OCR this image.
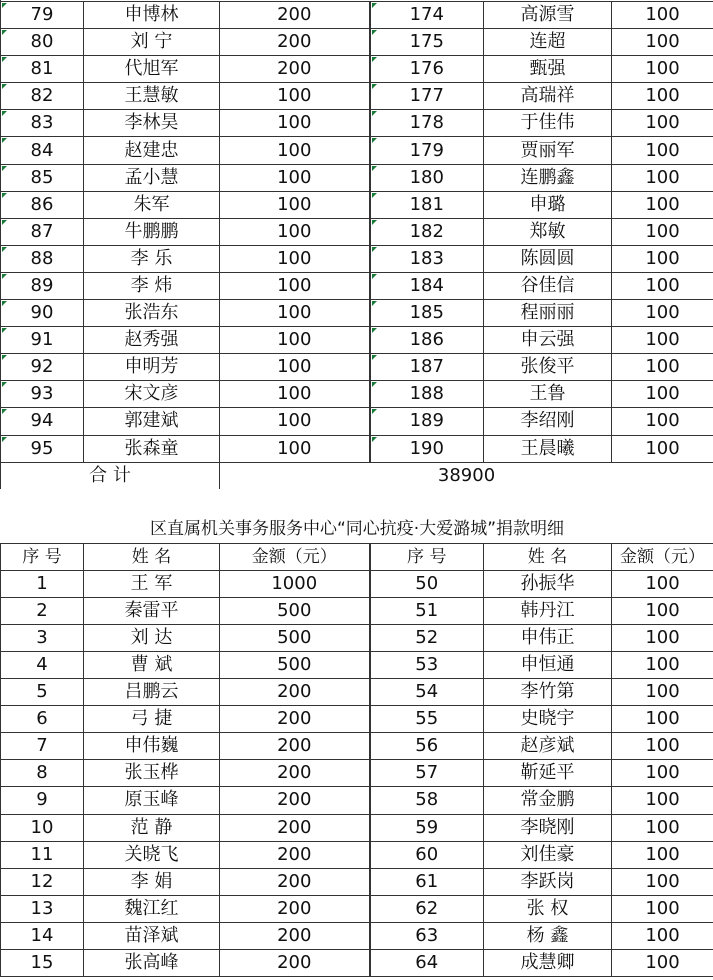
79	申博林	200	174	高源雪	100
80	刘 宁	200	175	连超	100
81	代旭军	200	176	甄强	100
82	王慧敏	100	177	高瑞祥	100
83	李林昊	100	178	于佳伟	100
84	赵建忠	100	179	贾丽军	100
85	孟小慧	100	180	连鹏鑫	100
86	朱军	100	181	申璐	100
87	牛鹏鹏	100	182	郑敏	100
88	李 乐	100	183	陈圆圆	100
89	李 炜	100	184	谷佳信	100
90	张浩东	100	185	程丽丽	100
91	赵秀强	100	186	申云强	100
92	申明芳	100	187	张俊平	100
93	宋文彦	100	188	王鲁	100
94	郭建斌	100	189	李绍刚	100
95	张森童	100	190	王晨曦	100
合 计		38900			
区直属机关事务服务中心“同心抗疫·大爱潞城”捐款明细					
序 号	姓 名	金额（元）	序 号	姓 名	金额（元）
1	王 军	1000	50	孙振华	100
2	秦雷平	500	51	韩丹江	100
3	刘 达	500	52	申伟正	100
4	曹 斌	500	53	申恒通	100
5	吕鹏云	200	54	李竹第	100
6	弓 捷	200	55	史晓宇	100
7	申伟巍	200	56	赵彦斌	100
8	张玉桦	200	57	靳延平	100
9	原玉峰	200	58	常金鹏	100
10	范 静	200	59	李晓刚	100
11	关晓飞	200	60	刘佳豪	100
12	李 娟	200	61	李跃岗	100
13	魏江红	200	62	张 权	100
14	苗泽斌	200	63	杨 鑫	100
15	张高峰	200	64	成慧卿	100
